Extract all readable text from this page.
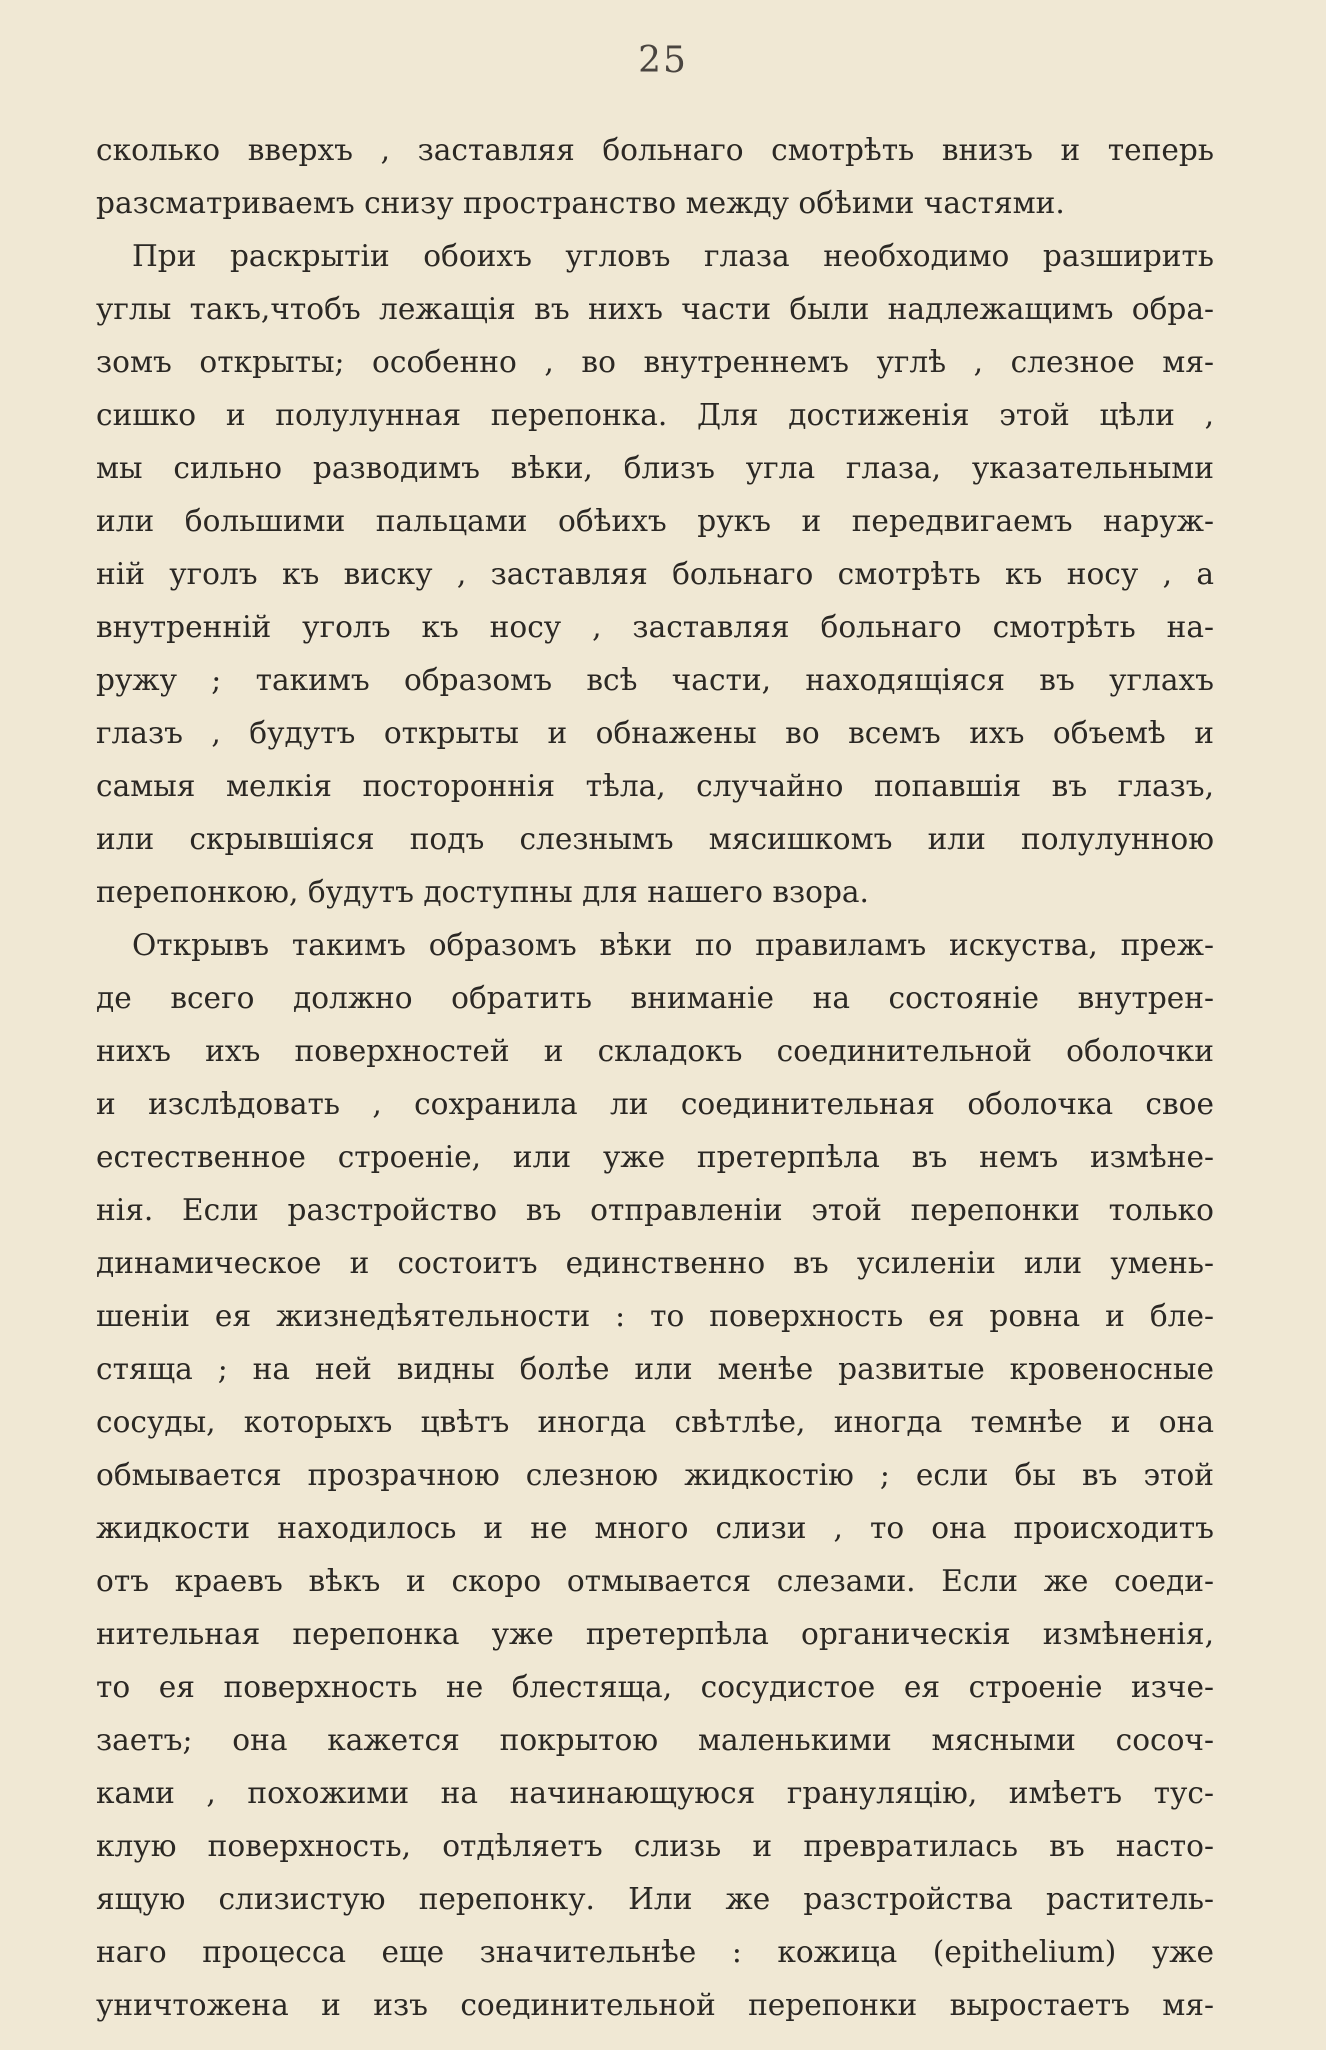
25
сколько вверхъ , заставляя больнаго смотрѣть внизъ и теперь
разсматриваемъ снизу пространство между обѣими частями.
При раскрытіи обоихъ угловъ глаза необходимо разширить
углы такъ,чтобъ лежащія въ нихъ части были надлежащимъ обра-
зомъ открыты; особенно , во внутреннемъ углѣ , слезное мя-
сишко и полулунная перепонка. Для достиженія этой цѣли ,
мы сильно разводимъ вѣки, близъ угла глаза, указательными
или большими пальцами обѣихъ рукъ и передвигаемъ наруж-
ній уголъ къ виску , заставляя больнаго смотрѣть къ носу , а
внутренній уголъ къ носу , заставляя больнаго смотрѣть на-
ружу ; такимъ образомъ всѣ части, находящіяся въ углахъ
глазъ , будутъ открыты и обнажены во всемъ ихъ объемѣ и
самыя мелкія постороннія тѣла, случайно попавшія въ глазъ,
или скрывшіяся подъ слезнымъ мясишкомъ или полулунною
перепонкою, будутъ доступны для нашего взора.
Открывъ такимъ образомъ вѣки по правиламъ искуства, преж-
де всего должно обратить вниманіе на состояніе внутрен-
нихъ ихъ поверхностей и складокъ соединительной оболочки
и изслѣдовать , сохранила ли соединительная оболочка свое
естественное строеніе, или уже претерпѣла въ немъ измѣне-
нія. Если разстройство въ отправленіи этой перепонки только
динамическое и состоитъ единственно въ усиленіи или умень-
шеніи ея жизнедѣятельности : то поверхность ея ровна и бле-
стяща ; на ней видны болѣе или менѣе развитые кровеносные
сосуды, которыхъ цвѣтъ иногда свѣтлѣе, иногда темнѣе и она
обмывается прозрачною слезною жидкостію ; если бы въ этой
жидкости находилось и не много слизи , то она происходитъ
отъ краевъ вѣкъ и скоро отмывается слезами. Если же соеди-
нительная перепонка уже претерпѣла органическія измѣненія,
то ея поверхность не блестяща, сосудистое ея строеніе изче-
заетъ; она кажется покрытою маленькими мясными сосоч-
ками , похожими на начинающуюся грануляцію, имѣетъ тус-
клую поверхность, отдѣляетъ слизь и превратилась въ насто-
ящую слизистую перепонку. Или же разстройства раститель-
наго процесса еще значительнѣе : кожица (epithelium) уже
уничтожена и изъ соединительной перепонки выростаетъ мя-
